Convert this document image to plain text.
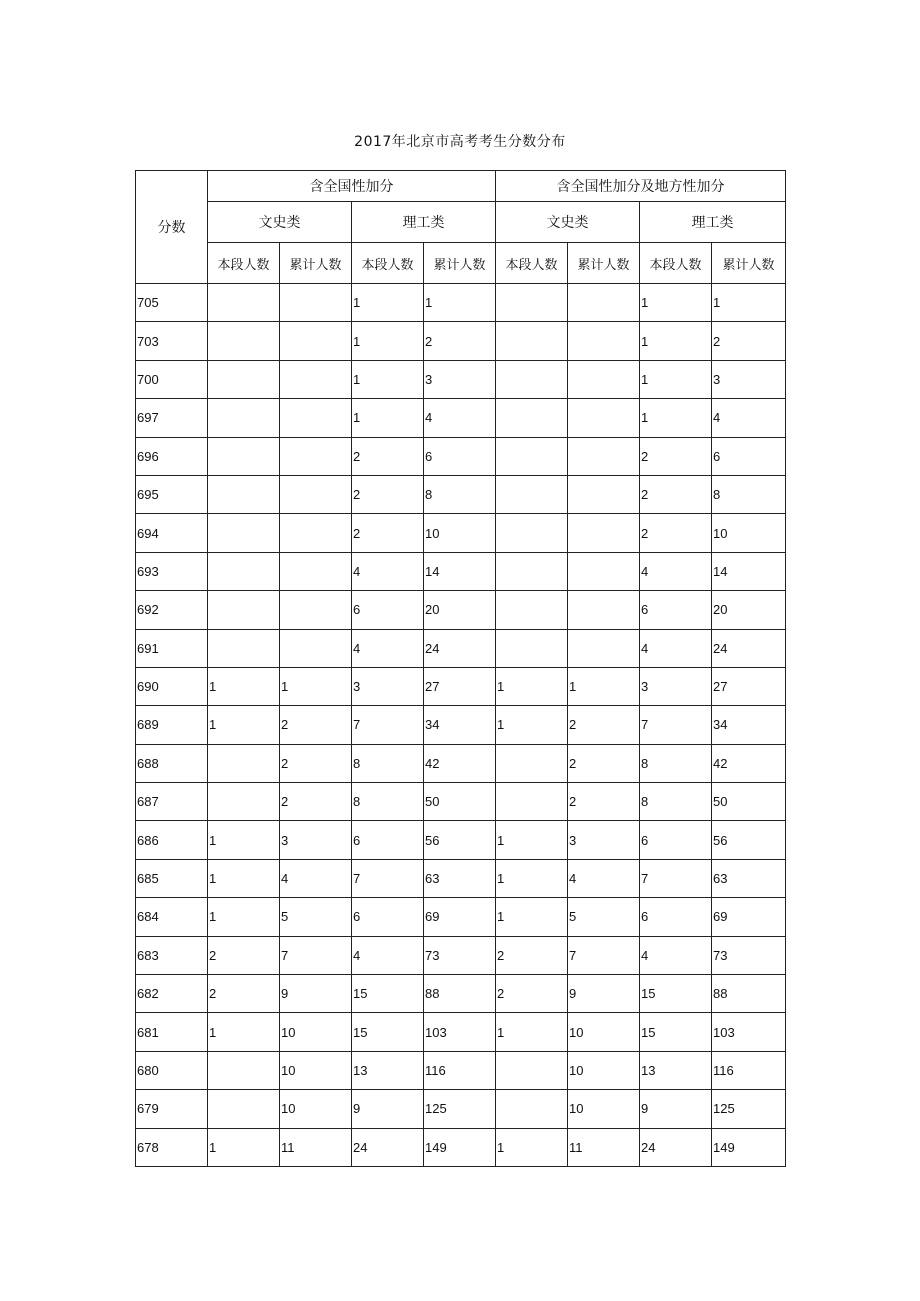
2017年北京市高考考生分数分布
分数	含全国性加分				含全国性加分及地方性加分			
	文史类		理工类		文史类		理工类	
	本段人数	累计人数	本段人数	累计人数	本段人数	累计人数	本段人数	累计人数
705			1	1			1	1
703			1	2			1	2
700			1	3			1	3
697			1	4			1	4
696			2	6			2	6
695			2	8			2	8
694			2	10			2	10
693			4	14			4	14
692			6	20			6	20
691			4	24			4	24
690	1	1	3	27	1	1	3	27
689	1	2	7	34	1	2	7	34
688		2	8	42		2	8	42
687		2	8	50		2	8	50
686	1	3	6	56	1	3	6	56
685	1	4	7	63	1	4	7	63
684	1	5	6	69	1	5	6	69
683	2	7	4	73	2	7	4	73
682	2	9	15	88	2	9	15	88
681	1	10	15	103	1	10	15	103
680		10	13	116		10	13	116
679		10	9	125		10	9	125
678	1	11	24	149	1	11	24	149
